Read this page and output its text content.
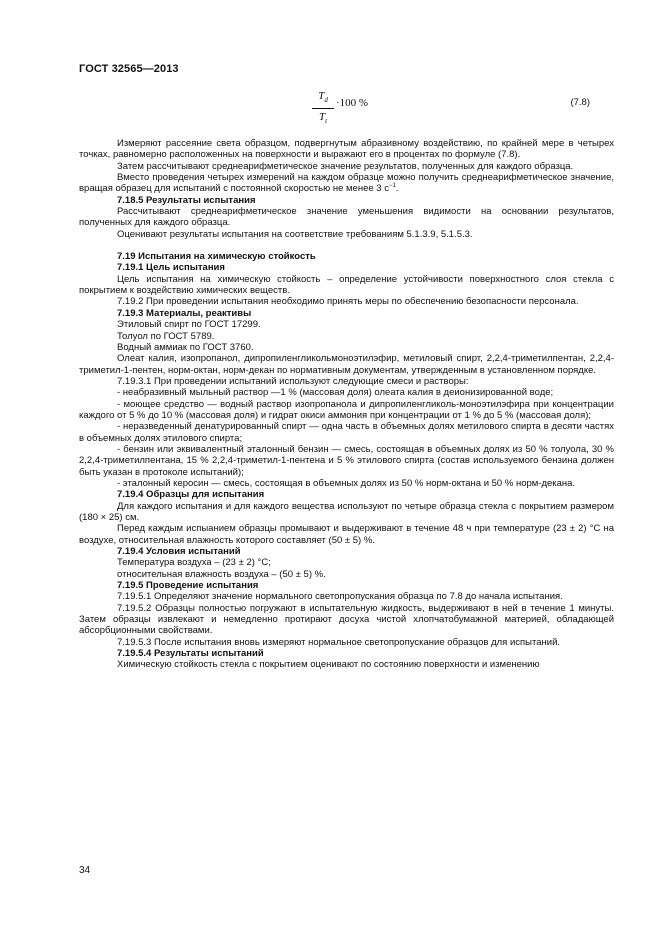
ГОСТ 32565—2013
$T_d$
$T_t$
·100 %	(7.8)

Измеряют рассеяние света образцом, подвергнутым абразивному воздействию, по крайней мере в четырех точках, равномерно расположенных на поверхности и выражают его в процентах по формуле (7.8).

Затем рассчитывают среднеарифметическое значение результатов, полученных для каждого образца.

Вместо проведения четырех измерений на каждом образце можно получить среднеарифметическое значение, вращая образец для испытаний с постоянной скоростью не менее 3 $с^{-1}$.

7.18.5 Результаты испытания

Рассчитывают среднеарифметическое значение уменьшения видимости на основании результатов, полученных для каждого образца.

Оценивают результаты испытания на соответствие требованиям 5.1.3.9, 5.1.5.3.

7.19 Испытания на химическую стойкость

7.19.1 Цель испытания

Цель испытания на химическую стойкость – определение устойчивости поверхностного слоя стекла с покрытием к воздействию химических веществ.

7.19.2 При проведении испытания необходимо принять меры по обеспечению безопасности персонала.

7.19.3 Материалы, реактивы

Этиловый спирт по ГОСТ 17299.

Толуол по ГОСТ 5789.

Водный аммиак по ГОСТ 3760.

Олеат калия, изопропанол, дипропиленгликольмоноэтилэфир, метиловый спирт, 2,2,4-триметилпентан, 2,2,4-триметил-1-пентен, норм-октан, норм-декан по нормативным документам, утвержденным в установленном порядке.

7.19.3.1 При проведении испытаний используют следующие смеси и растворы:

- неабразивный мыльный раствор —1 % (массовая доля) олеата калия в деионизированной воде;

- моющее средство — водный раствор изопропанола и дипропиленгликоль-моноэтилэфира при концентрации каждого от 5 % до 10 % (массовая доля) и гидрат окиси аммония при концентрации от 1 % до 5 % (массовая доля);

- неразведенный денатурированный спирт — одна часть в объемных долях метилового спирта в десяти частях в объемных долях этилового спирта;

- бензин или эквивалентный эталонный бензин — смесь, состоящая в объемных долях из 50 % толуола, 30 % 2,2,4-триметилпентана, 15 % 2,2,4-триметил-1-пентена и 5 % этилового спирта (состав используемого бензина должен быть указан в протоколе испытаний);

- эталонный керосин — смесь, состоящая в объемных долях из 50 % норм-октана и 50 % норм-декана.

7.19.4 Образцы для испытания

Для каждого испытания и для каждого вещества используют по четыре образца стекла с покрытием размером (180 × 25) см.

Перед каждым испыанием образцы промывают и выдерживают в течение 48 ч при температуре (23 ± 2) °С на воздухе, относительная влажность которого составляет (50 ± 5) %.

7.19.4 Условия испытаний

Температура воздуха – (23 ± 2) °С;

относительная влажность воздуха – (50 ± 5) %.

7.19.5 Проведение испытания

7.19.5.1 Определяют значение нормального светопропускания образца по 7.8 до начала испытания.

7.19.5.2 Образцы полностью погружают в испытательную жидкость, выдерживают в ней в течение 1 минуты. Затем образцы извлекают и немедленно протирают досуха чистой хлопчатобумажной материей, обладающей абсорбционными свойствами.

7.19.5.3 После испытания вновь измеряют нормальное светопропускание образцов для испытаний.

7.19.5.4 Результаты испытаний

Химическую стойкость стекла с покрытием оценивают по состоянию поверхности и изменению

34
